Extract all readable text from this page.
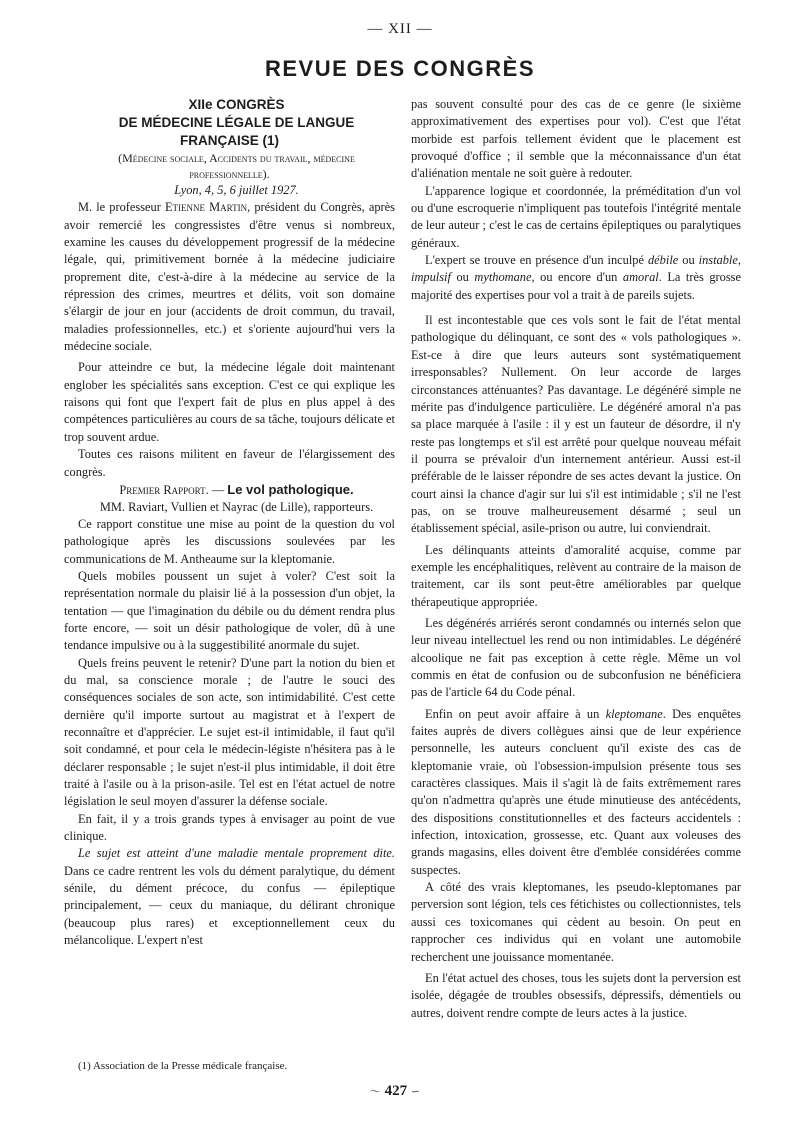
— XII —
REVUE DES CONGRÈS

XIIe CONGRÈS

DE MÉDECINE LÉGALE DE LANGUE FRANÇAISE (1)

(Médecine sociale, Accidents du travail, médecine professionnelle).

Lyon, 4, 5, 6 juillet 1927.

M. le professeur Etienne Martin, président du Congrès, après avoir remercié les congressistes d'être venus si nombreux, examine les causes du développement progressif de la médecine légale, qui, primitivement bornée à la médecine judiciaire proprement dite, c'est-à-dire à la médecine au service de la répression des crimes, meurtres et délits, voit son domaine s'élargir de jour en jour (accidents de droit commun, du travail, maladies professionnelles, etc.) et s'oriente aujourd'hui vers la médecine sociale.

Pour atteindre ce but, la médecine légale doit maintenant englober les spécialités sans exception. C'est ce qui explique les raisons qui font que l'expert fait de plus en plus appel à des compétences particulières au cours de sa tâche, toujours délicate et trop souvent ardue.

Toutes ces raisons militent en faveur de l'élargissement des congrès.

Premier Rapport. — Le vol pathologique.

MM. Raviart, Vullien et Nayrac (de Lille), rapporteurs.

Ce rapport constitue une mise au point de la question du vol pathologique après les discussions soulevées par les communications de M. Antheaume sur la kleptomanie.

Quels mobiles poussent un sujet à voler? C'est soit la représentation normale du plaisir lié à la possession d'un objet, la tentation — que l'imagination du débile ou du dément rendra plus forte encore, — soit un désir pathologique de voler, dû à une tendance impulsive ou à la suggestibilité anormale du sujet.

Quels freins peuvent le retenir? D'une part la notion du bien et du mal, sa conscience morale ; de l'autre le souci des conséquences sociales de son acte, son intimidabilité. C'est cette dernière qu'il importe surtout au magistrat et à l'expert de reconnaître et d'apprécier. Le sujet est-il intimidable, il faut qu'il soit condamné, et pour cela le médecin-légiste n'hésitera pas à le déclarer responsable ; le sujet n'est-il plus intimidable, il doit être traité à l'asile ou à la prison-asile. Tel est en l'état actuel de notre législation le seul moyen d'assurer la défense sociale.

En fait, il y a trois grands types à envisager au point de vue clinique.

Le sujet est atteint d'une maladie mentale proprement dite. Dans ce cadre rentrent les vols du dément paralytique, du dément sénile, du dément précoce, du confus — épileptique principalement, — ceux du maniaque, du délirant chronique (beaucoup plus rares) et exceptionnellement ceux du mélancolique. L'expert n'est

pas souvent consulté pour des cas de ce genre (le sixième approximativement des expertises pour vol). C'est que l'état morbide est parfois tellement évident que le placement est provoqué d'office ; il semble que la méconnaissance d'un état d'aliénation mentale ne soit guère à redouter.

L'apparence logique et coordonnée, la préméditation d'un vol ou d'une escroquerie n'impliquent pas toutefois l'intégrité mentale de leur auteur ; c'est le cas de certains épileptiques ou paralytiques généraux.

L'expert se trouve en présence d'un inculpé débile ou instable, impulsif ou mythomane, ou encore d'un amoral. La très grosse majorité des expertises pour vol a trait à de pareils sujets.

Il est incontestable que ces vols sont le fait de l'état mental pathologique du délinquant, ce sont des « vols pathologiques ». Est-ce à dire que leurs auteurs sont systématiquement irresponsables? Nullement. On leur accorde de larges circonstances atténuantes? Pas davantage. Le dégénéré simple ne mérite pas d'indulgence particulière. Le dégénéré amoral n'a pas sa place marquée à l'asile : il y est un fauteur de désordre, il n'y reste pas longtemps et s'il est arrêté pour quelque nouveau méfait il pourra se prévaloir d'un internement antérieur. Aussi est-il préférable de le laisser répondre de ses actes devant la justice. On court ainsi la chance d'agir sur lui s'il est intimidable ; s'il ne l'est pas, on se trouve malheureusement désarmé ; seul un établissement spécial, asile-prison ou autre, lui conviendrait.

Les délinquants atteints d'amoralité acquise, comme par exemple les encéphalitiques, relèvent au contraire de la maison de traitement, car ils sont peut-être améliorables par quelque thérapeutique appropriée.

Les dégénérés arriérés seront condamnés ou internés selon que leur niveau intellectuel les rend ou non intimidables. Le dégénéré alcoolique ne fait pas exception à cette règle. Même un vol commis en état de confusion ou de subconfusion ne bénéficiera pas de l'article 64 du Code pénal.

Enfin on peut avoir affaire à un kleptomane. Des enquêtes faites auprès de divers collègues ainsi que de leur expérience personnelle, les auteurs concluent qu'il existe des cas de kleptomanie vraie, où l'obsession-impulsion présente tous ses caractères classiques. Mais il s'agit là de faits extrêmement rares qu'on n'admettra qu'après une étude minutieuse des antécédents, des dispositions constitutionnelles et des facteurs accidentels : infection, intoxication, grossesse, etc. Quant aux voleuses des grands magasins, elles doivent être d'emblée considérées comme suspectes.

A côté des vrais kleptomanes, les pseudo-kleptomanes par perversion sont légion, tels ces fétichistes ou collectionnistes, tels aussi ces toxicomanes qui cèdent au besoin. On peut en rapprocher ces individus qui en volant une automobile recherchent une jouissance momentanée.

En l'état actuel des choses, tous les sujets dont la perversion est isolée, dégagée de troubles obsessifs, dépressifs, démentiels ou autres, doivent rendre compte de leurs actes à la justice.

(1) Association de la Presse médicale française.
〜 427 ∽
